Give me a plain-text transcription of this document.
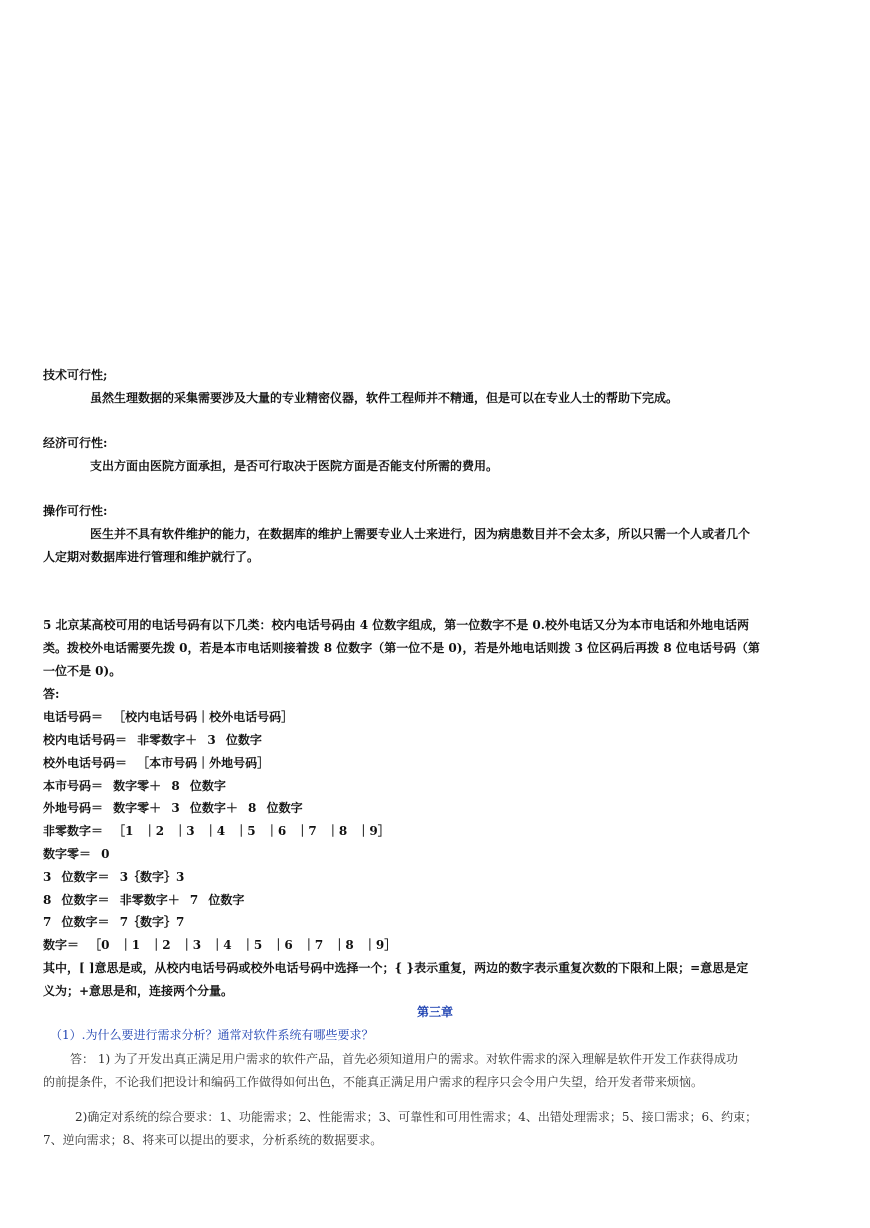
技术可行性;
虽然生理数据的采集需要涉及大量的专业精密仪器，软件工程师并不精通，但是可以在专业人士的帮助下完成。
经济可行性:
支出方面由医院方面承担，是否可行取决于医院方面是否能支付所需的费用。
操作可行性:
医生并不具有软件维护的能力，在数据库的维护上需要专业人士来进行，因为病患数目并不会太多，所以只需一个人或者几个
人定期对数据库进行管理和维护就行了。
5 北京某高校可用的电话号码有以下几类：校内电话号码由 4 位数字组成，第一位数字不是 0.校外电话又分为本市电话和外地电话两
类。拨校外电话需要先拨 0，若是本市电话则接着拨 8 位数字（第一位不是 0)，若是外地电话则拨 3 位区码后再拨 8 位电话号码（第
一位不是 0)。
答:
电话号码＝ ［校内电话号码｜校外电话号码］
校内电话号码＝ 非零数字＋ 3 位数字
校外电话号码＝ ［本市号码｜外地号码］
本市号码＝ 数字零＋ 8 位数字
外地号码＝ 数字零＋ 3 位数字＋ 8 位数字
非零数字＝ ［1 ｜2 ｜3 ｜4 ｜5 ｜6 ｜7 ｜8 ｜9］
数字零＝ 0
3 位数字＝ 3｛数字｝3
8 位数字＝ 非零数字＋ 7 位数字
7 位数字＝ 7｛数字｝7
数字＝ ［0 ｜1 ｜2 ｜3 ｜4 ｜5 ｜6 ｜7 ｜8 ｜9］
其中，[ ]意思是或，从校内电话号码或校外电话号码中选择一个；{ }表示重复，两边的数字表示重复次数的下限和上限；=意思是定
义为；+意思是和，连接两个分量。
第三章
（1）.为什么要进行需求分析？通常对软件系统有哪些要求？
答： 1) 为了开发出真正满足用户需求的软件产品，首先必须知道用户的需求。对软件需求的深入理解是软件开发工作获得成功
的前提条件，不论我们把设计和编码工作做得如何出色，不能真正满足用户需求的程序只会令用户失望，给开发者带来烦恼。
2)确定对系统的综合要求：1、功能需求；2、性能需求；3、可靠性和可用性需求；4、出错处理需求；5、接口需求；6、约束；
7、逆向需求；8、将来可以提出的要求，分析系统的数据要求。
